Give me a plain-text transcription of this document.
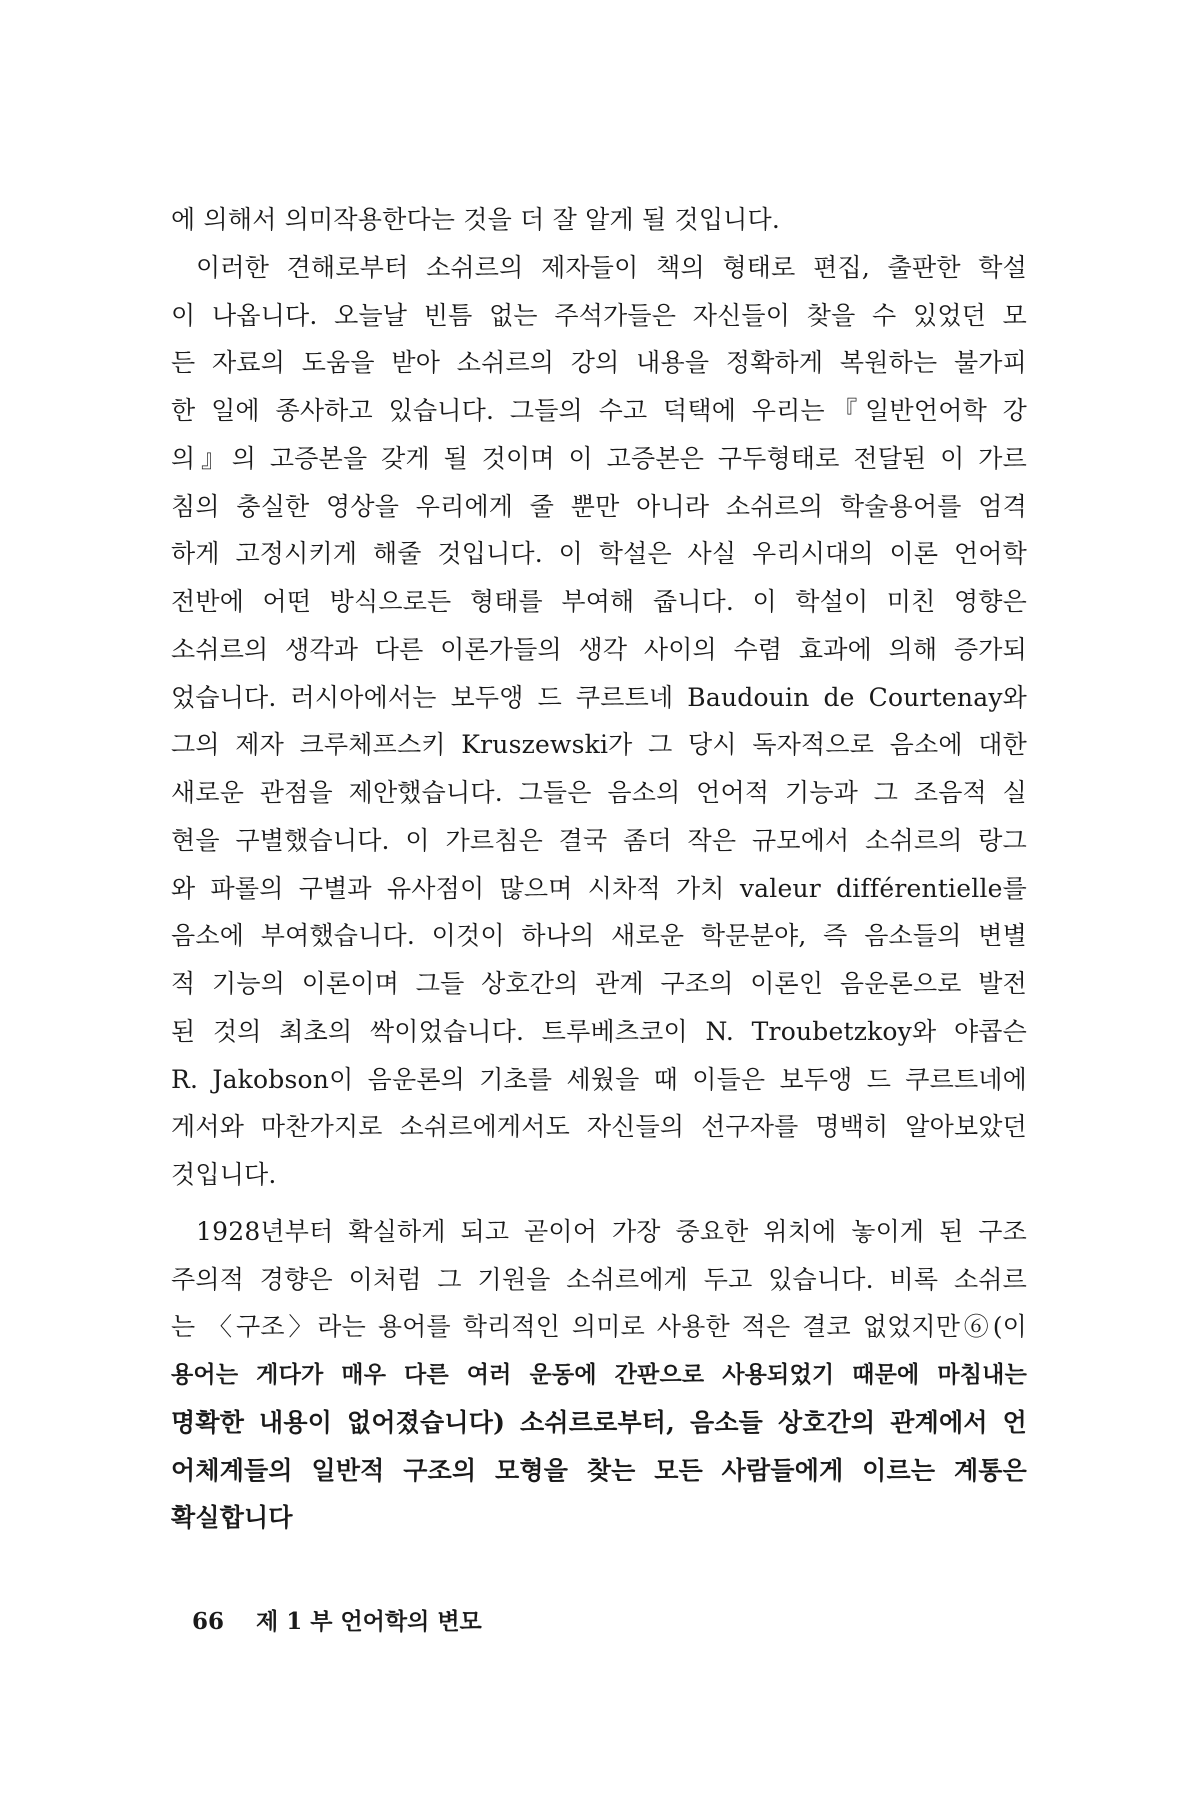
에 의해서 의미작용한다는 것을 더 잘 알게 될 것입니다.
이러한 견해로부터 소쉬르의 제자들이 책의 형태로 편집, 출판한 학설
이 나옵니다. 오늘날 빈틈 없는 주석가들은 자신들이 찾을 수 있었던 모
든 자료의 도움을 받아 소쉬르의 강의 내용을 정확하게 복원하는 불가피
한 일에 종사하고 있습니다. 그들의 수고 덕택에 우리는『일반언어학 강
의』의 고증본을 갖게 될 것이며 이 고증본은 구두형태로 전달된 이 가르
침의 충실한 영상을 우리에게 줄 뿐만 아니라 소쉬르의 학술용어를 엄격
하게 고정시키게 해줄 것입니다. 이 학설은 사실 우리시대의 이론 언어학
전반에 어떤 방식으로든 형태를 부여해 줍니다. 이 학설이 미친 영향은
소쉬르의 생각과 다른 이론가들의 생각 사이의 수렴 효과에 의해 증가되
었습니다. 러시아에서는 보두앵 드 쿠르트네 Baudouin de Courtenay와
그의 제자 크루체프스키 Kruszewski가 그 당시 독자적으로 음소에 대한
새로운 관점을 제안했습니다. 그들은 음소의 언어적 기능과 그 조음적 실
현을 구별했습니다. 이 가르침은 결국 좀더 작은 규모에서 소쉬르의 랑그
와 파롤의 구별과 유사점이 많으며 시차적 가치 valeur différentielle를
음소에 부여했습니다. 이것이 하나의 새로운 학문분야, 즉 음소들의 변별
적 기능의 이론이며 그들 상호간의 관계 구조의 이론인 음운론으로 발전
된 것의 최초의 싹이었습니다. 트루베츠코이 N. Troubetzkoy와 야콥슨
R. Jakobson이 음운론의 기초를 세웠을 때 이들은 보두앵 드 쿠르트네에
게서와 마찬가지로 소쉬르에게서도 자신들의 선구자를 명백히 알아보았던
것입니다.
1928년부터 확실하게 되고 곧이어 가장 중요한 위치에 놓이게 된 구조
주의적 경향은 이처럼 그 기원을 소쉬르에게 두고 있습니다. 비록 소쉬르
는 〈구조〉라는 용어를 학리적인 의미로 사용한 적은 결코 없었지만⑥(이
용어는 게다가 매우 다른 여러 운동에 간판으로 사용되었기 때문에 마침내는
명확한 내용이 없어졌습니다) 소쉬르로부터, 음소들 상호간의 관계에서 언
어체계들의 일반적 구조의 모형을 찾는 모든 사람들에게 이르는 계통은
확실합니다
66 제 1 부 언어학의 변모
